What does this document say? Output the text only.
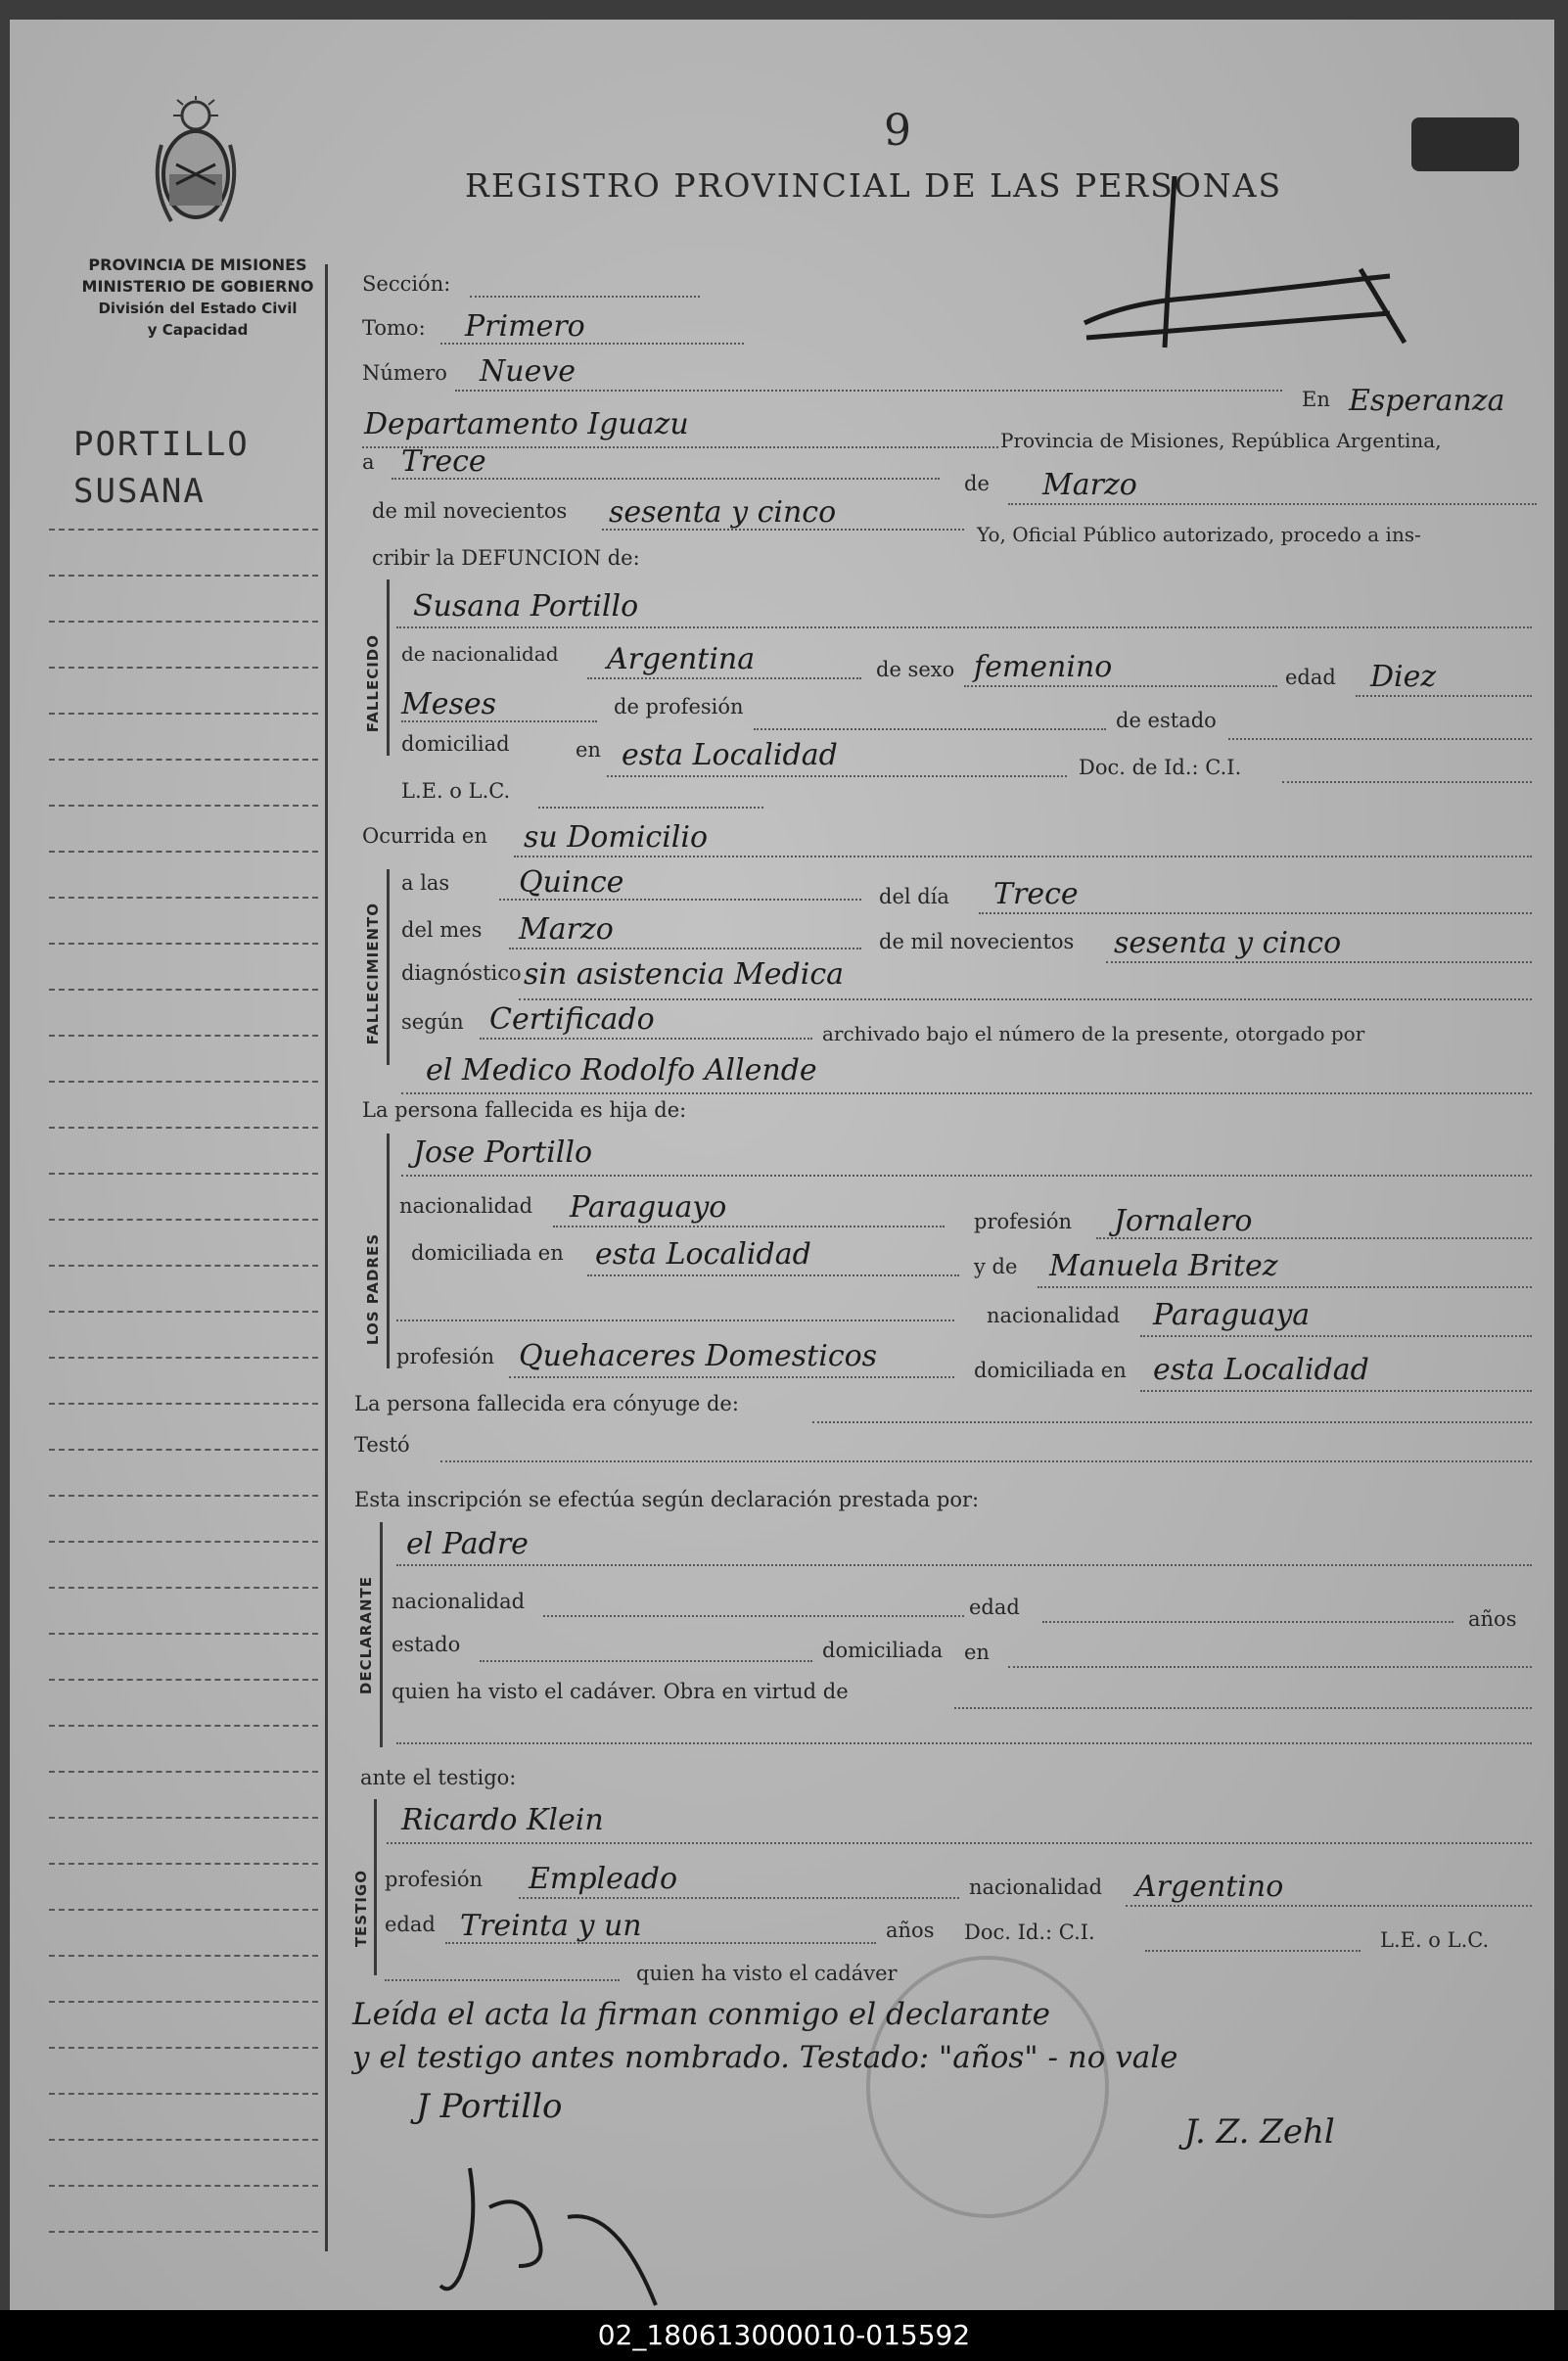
PROVINCIA DE MISIONES
MINISTERIO DE GOBIERNO
División del Estado Civil
y Capacidad
9
REGISTRO PROVINCIAL DE LAS PERSONAS
PORTILLO
SUSANA
Sección:
Tomo: Primero
Número Nueve
En Esperanza
Departamento Iguazu	Provincia de Misiones, República Argentina,
a Trece
de Marzo
de mil novecientos sesenta y cinco
Yo, Oficial Público autorizado, procedo a ins-
cribir la DEFUNCION de:
FALLECIDO
Susana Portillo
de nacionalidad Argentina	de sexo femenino	edad Diez
Meses	de profesión
de estado
domiciliad	en esta Localidad	Doc. de Id.: C.I.
L.E. o L.C.
Ocurrida en su Domicilio
FALLECIMIENTO
a las Quince	del día Trece
del mes Marzo	de mil novecientos sesenta y cinco
diagnóstico sin asistencia Medica
según Certificado	archivado bajo el número de la presente, otorgado por
el Medico Rodolfo Allende
La persona fallecida es hija de:
LOS PADRES
Jose Portillo
nacionalidad Paraguayo	profesión Jornalero
domiciliada en esta Localidad	y de Manuela Britez
nacionalidad Paraguaya
profesión Quehaceres Domesticos	domiciliada en esta Localidad
La persona fallecida era cónyuge de:
Testó
Esta inscripción se efectúa según declaración prestada por:
DECLARANTE
el Padre
nacionalidad	edad	años
estado	domiciliada en
quien ha visto el cadáver. Obra en virtud de
ante el testigo:
TESTIGO
Ricardo Klein
profesión Empleado	nacionalidad Argentino
edad Treinta y un	años Doc. Id.: C.I.	L.E. o L.C.
quien ha visto el cadáver
Leída el acta la firman conmigo el declarante
y el testigo antes nombrado. Testado: "años" - no vale
J Portillo
J. Z. Zehl
02_180613000010-015592
